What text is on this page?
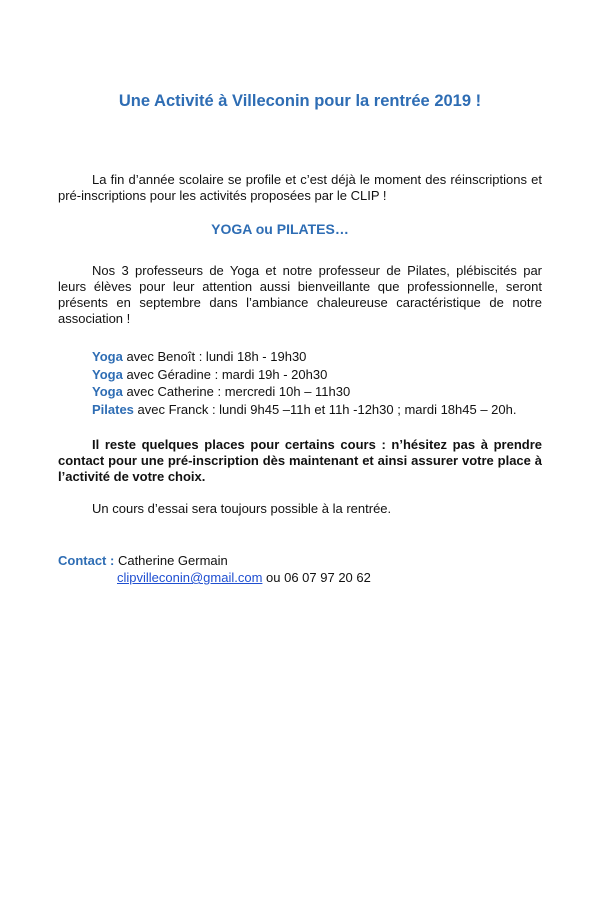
Une Activité à Villeconin pour la rentrée 2019 !

La fin d’année scolaire se profile et c’est déjà le moment des réinscriptions et pré-inscriptions pour les activités proposées par le CLIP !

YOGA ou PILATES…

Nos 3 professeurs de Yoga et notre professeur de Pilates, plébiscités par leurs élèves pour leur attention aussi bienveillante que professionnelle, seront présents en septembre dans l’ambiance chaleureuse caractéristique de notre association !

Yoga avec Benoît : lundi 18h - 19h30
Yoga avec Géradine : mardi 19h - 20h30
Yoga avec Catherine : mercredi 10h – 11h30
Pilates avec Franck : lundi 9h45 –11h et 11h -12h30 ; mardi 18h45 – 20h.

Il reste quelques places pour certains cours : n’hésitez pas à prendre contact pour une pré-inscription dès maintenant et ainsi assurer votre place à l’activité de votre choix.

Un cours d’essai sera toujours possible à la rentrée.

Contact : Catherine Germain
clipvilleconin@gmail.com ou 06 07 97 20 62
